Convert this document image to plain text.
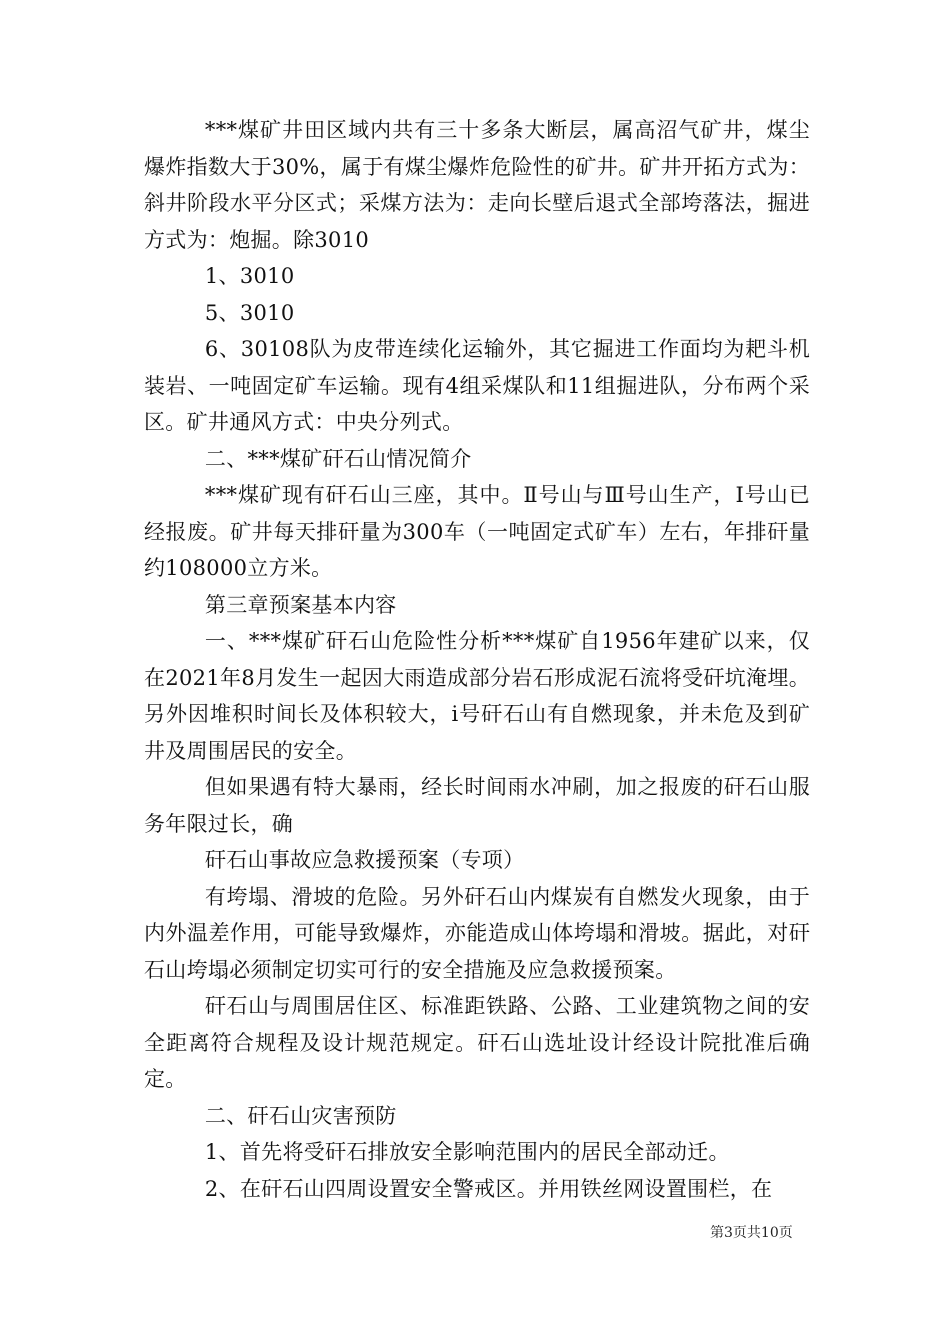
***煤矿井田区域内共有三十多条大断层，属高沼气矿井，煤尘爆炸指数大于30%，属于有煤尘爆炸危险性的矿井。矿井开拓方式为：斜井阶段水平分区式；采煤方法为：走向长壁后退式全部垮落法，掘进方式为：炮掘。除3010

1、3010

5、3010

6、30108队为皮带连续化运输外，其它掘进工作面均为耙斗机装岩、一吨固定矿车运输。现有4组采煤队和11组掘进队，分布两个采区。矿井通风方式：中央分列式。

二、***煤矿矸石山情况简介

***煤矿现有矸石山三座，其中。Ⅱ号山与Ⅲ号山生产，Ⅰ号山已经报废。矿井每天排矸量为300车（一吨固定式矿车）左右，年排矸量约108000立方米。

第三章预案基本内容

一、***煤矿矸石山危险性分析***煤矿自1956年建矿以来，仅在2021年8月发生一起因大雨造成部分岩石形成泥石流将受矸坑淹埋。另外因堆积时间长及体积较大，i号矸石山有自燃现象，并未危及到矿井及周围居民的安全。

但如果遇有特大暴雨，经长时间雨水冲刷，加之报废的矸石山服务年限过长，确

矸石山事故应急救援预案（专项）

有垮塌、滑坡的危险。另外矸石山内煤炭有自燃发火现象，由于内外温差作用，可能导致爆炸，亦能造成山体垮塌和滑坡。据此，对矸石山垮塌必须制定切实可行的安全措施及应急救援预案。

矸石山与周围居住区、标准距铁路、公路、工业建筑物之间的安全距离符合规程及设计规范规定。矸石山选址设计经设计院批准后确定。

二、矸石山灾害预防

1、首先将受矸石排放安全影响范围内的居民全部动迁。

2、在矸石山四周设置安全警戒区。并用铁丝网设置围栏，在

第3页共10页
